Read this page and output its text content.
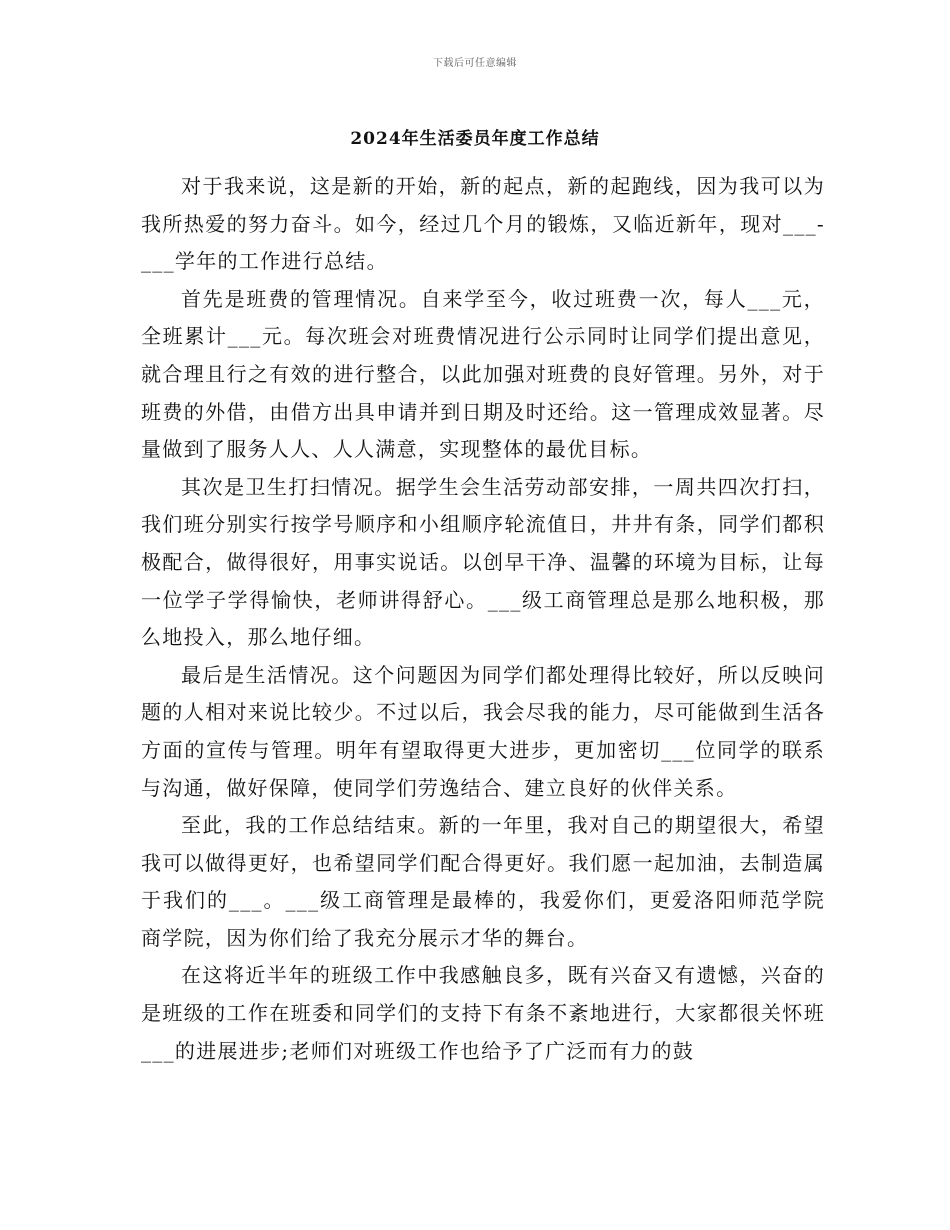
下载后可任意编辑
2024年生活委员年度工作总结

对于我来说，这是新的开始，新的起点，新的起跑线，因为我可以为我所热爱的努力奋斗。如今，经过几个月的锻炼，又临近新年，现对___-___学年的工作进行总结。

首先是班费的管理情况。自来学至今，收过班费一次，每人___元，全班累计___元。每次班会对班费情况进行公示同时让同学们提出意见，就合理且行之有效的进行整合，以此加强对班费的良好管理。另外，对于班费的外借，由借方出具申请并到日期及时还给。这一管理成效显著。尽量做到了服务人人、人人满意，实现整体的最优目标。

其次是卫生打扫情况。据学生会生活劳动部安排，一周共四次打扫，我们班分别实行按学号顺序和小组顺序轮流值日，井井有条，同学们都积极配合，做得很好，用事实说话。以创早干净、温馨的环境为目标，让每一位学子学得愉快，老师讲得舒心。___级工商管理总是那么地积极，那么地投入，那么地仔细。

最后是生活情况。这个问题因为同学们都处理得比较好，所以反映问题的人相对来说比较少。不过以后，我会尽我的能力，尽可能做到生活各方面的宣传与管理。明年有望取得更大进步，更加密切___位同学的联系与沟通，做好保障，使同学们劳逸结合、建立良好的伙伴关系。

至此，我的工作总结结束。新的一年里，我对自己的期望很大，希望我可以做得更好，也希望同学们配合得更好。我们愿一起加油，去制造属于我们的___。___级工商管理是最棒的，我爱你们，更爱洛阳师范学院商学院，因为你们给了我充分展示才华的舞台。

在这将近半年的班级工作中我感触良多，既有兴奋又有遗憾，兴奋的是班级的工作在班委和同学们的支持下有条不紊地进行，大家都很关怀班___的进展进步;老师们对班级工作也给予了广泛而有力的鼓
